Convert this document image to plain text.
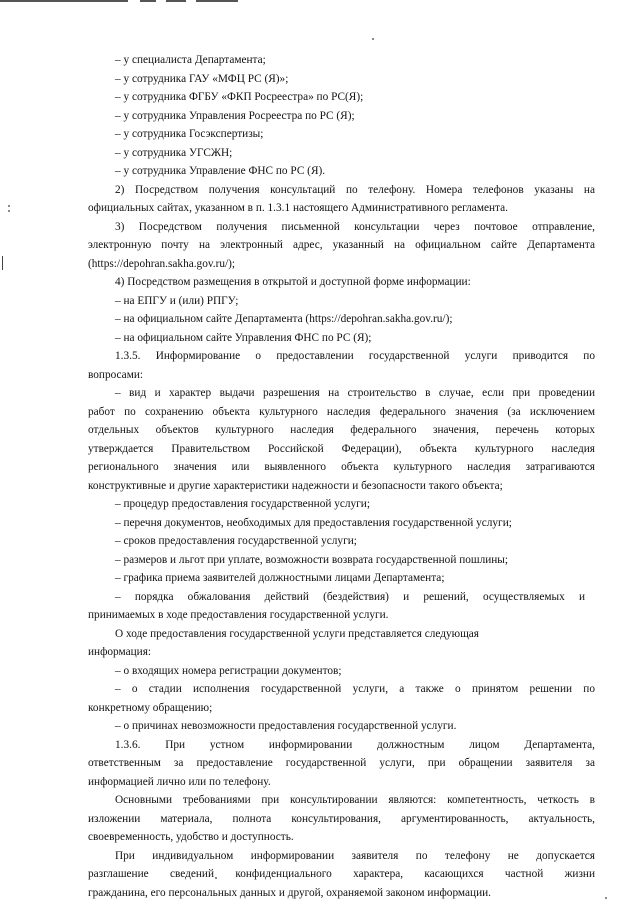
– у специалиста Департамента;
– у сотрудника ГАУ «МФЦ РС (Я)»;
– у сотрудника ФГБУ «ФКП Росреестра» по РС(Я);
– у сотрудника Управления Росреестра по РС (Я);
– у сотрудника Госэкспертизы;
– у сотрудника УГСЖН;
– у сотрудника Управление ФНС по РС (Я).
2) Посредством получения консультаций по телефону. Номера телефонов указаны на
официальных сайтах, указанном в п. 1.3.1 настоящего Административного регламента.
3) Посредством получения письменной консультации через почтовое отправление,
электронную почту на электронный адрес, указанный на официальном сайте Департамента
(https://depohran.sakha.gov.ru/);
4) Посредством размещения в открытой и доступной форме информации:
– на ЕПГУ и (или) РПГУ;
– на официальном сайте Департамента (https://depohran.sakha.gov.ru/);
– на официальном сайте Управления ФНС по РС (Я);
1.3.5. Информирование о предоставлении государственной услуги приводится по
вопросами:
– вид и характер выдачи разрешения на строительство в случае, если при проведении
работ по сохранению объекта культурного наследия федерального значения (за исключением
отдельных объектов культурного наследия федерального значения, перечень которых
утверждается Правительством Российской Федерации), объекта культурного наследия
регионального значения или выявленного объекта культурного наследия затрагиваются
конструктивные и другие характеристики надежности и безопасности такого объекта;
– процедур предоставления государственной услуги;
– перечня документов, необходимых для предоставления государственной услуги;
– сроков предоставления государственной услуги;
– размеров и льгот при уплате, возможности возврата государственной пошлины;
– графика приема заявителей должностными лицами Департамента;
– порядка обжалования действий (бездействия) и решений, осуществляемых и
принимаемых в ходе предоставления государственной услуги.
О ходе предоставления государственной услуги представляется следующая
информация:
– о входящих номера регистрации документов;
– о стадии исполнения государственной услуги, а также о принятом решении по
конкретному обращению;
– о причинах невозможности предоставления государственной услуги.
1.3.6. При устном информировании должностным лицом Департамента,
ответственным за предоставление государственной услуги, при обращении заявителя за
информацией лично или по телефону.
Основными требованиями при консультировании являются: компетентность, четкость в
изложении материала, полнота консультирования, аргументированность, актуальность,
своевременность, удобство и доступность.
При индивидуальном информировании заявителя по телефону не допускается
разглашение сведений конфиденциального характера, касающихся частной жизни
гражданина, его персональных данных и другой, охраняемой законом информации.
